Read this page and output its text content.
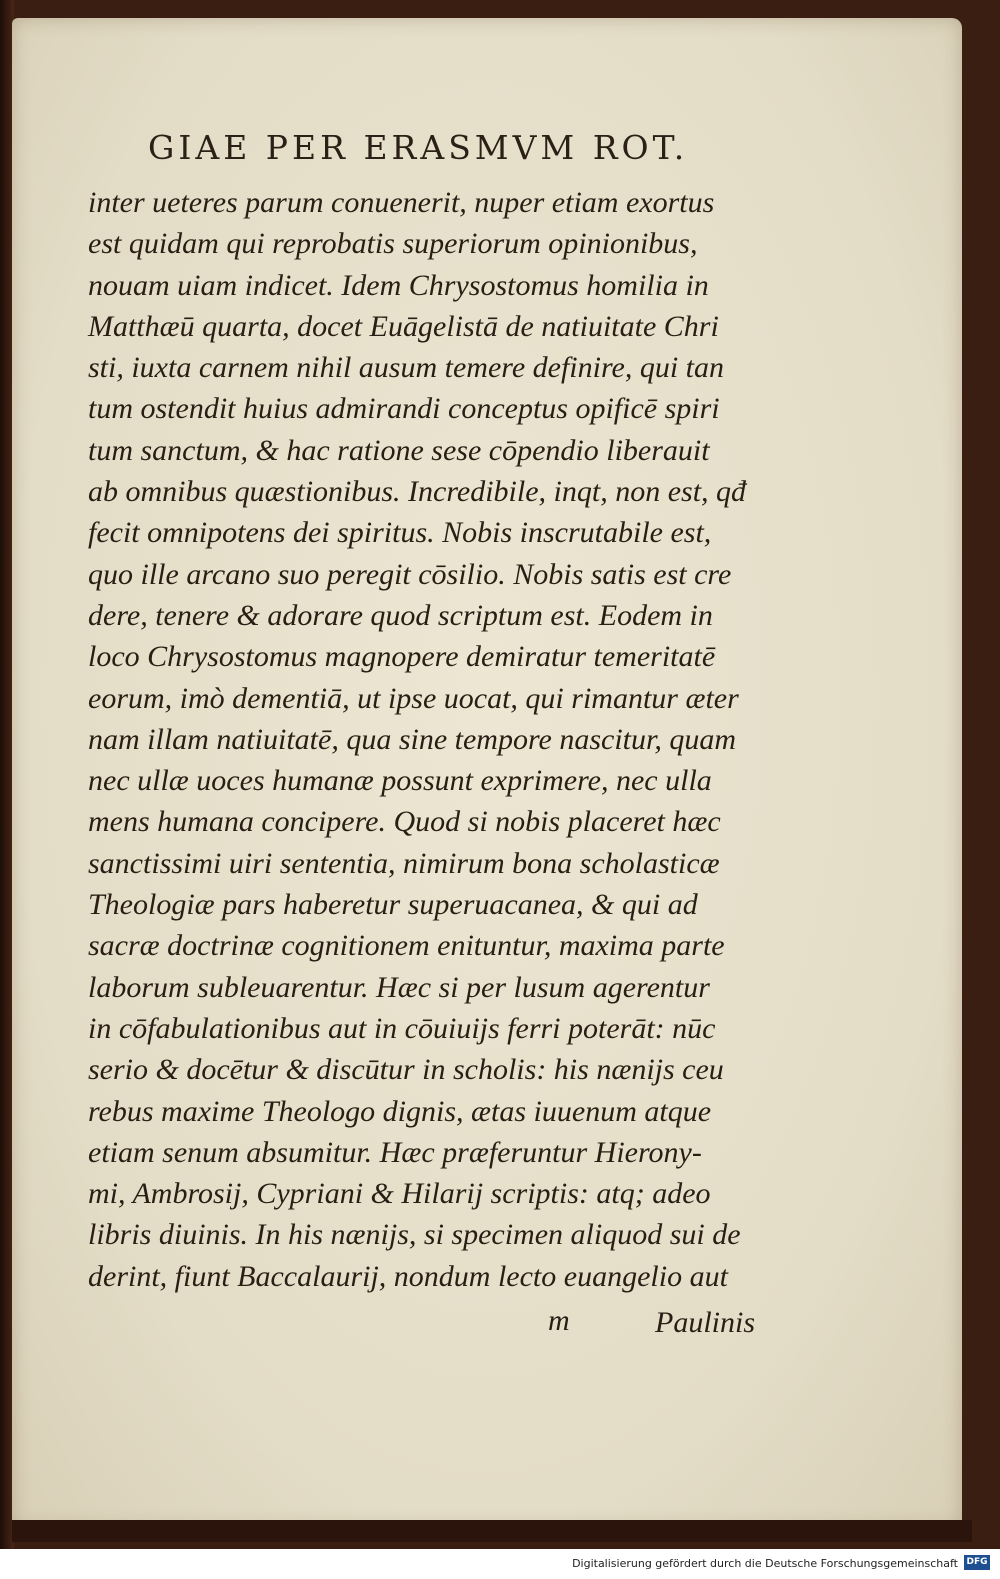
GIAE PER ERASMVM ROT.
inter ueteres parum conuenerit, nuper etiam exortus
est quidam qui reprobatis superiorum opinionibus,
nouam uiam indicet. Idem Chrysostomus homilia in
Matthæū quarta, docet Euāgelistā de natiuitate Chri
sti, iuxta carnem nihil ausum temere definire, qui tan
tum ostendit huius admirandi conceptus opificē spiri
tum sanctum, & hac ratione sese cōpendio liberauit
ab omnibus quæstionibus. Incredibile, inqt, non est, qđ
fecit omnipotens dei spiritus. Nobis inscrutabile est,
quo ille arcano suo peregit cōsilio. Nobis satis est cre
dere, tenere & adorare quod scriptum est. Eodem in
loco Chrysostomus magnopere demiratur temeritatē
eorum, imò dementiā, ut ipse uocat, qui rimantur æter
nam illam natiuitatē, qua sine tempore nascitur, quam
nec ullæ uoces humanæ possunt exprimere, nec ulla
mens humana concipere. Quod si nobis placeret hæc
sanctissimi uiri sententia, nimirum bona scholasticæ
Theologiæ pars haberetur superuacanea, & qui ad
sacræ doctrinæ cognitionem enituntur, maxima parte
laborum subleuarentur. Hæc si per lusum agerentur
in cōfabulationibus aut in cōuiuijs ferri poterāt: nūc
serio & docētur & discūtur in scholis: his nænijs ceu
rebus maxime Theologo dignis, ætas iuuenum atque
etiam senum absumitur. Hæc præferuntur Hierony-
mi, Ambrosij, Cypriani & Hilarij scriptis: atq; adeo
libris diuinis. In his nænijs, si specimen aliquod sui de
derint, fiunt Baccalaurij, nondum lecto euangelio aut
m	Paulinis
Digitalisierung gefördert durch die Deutsche Forschungsgemeinschaft DFG
